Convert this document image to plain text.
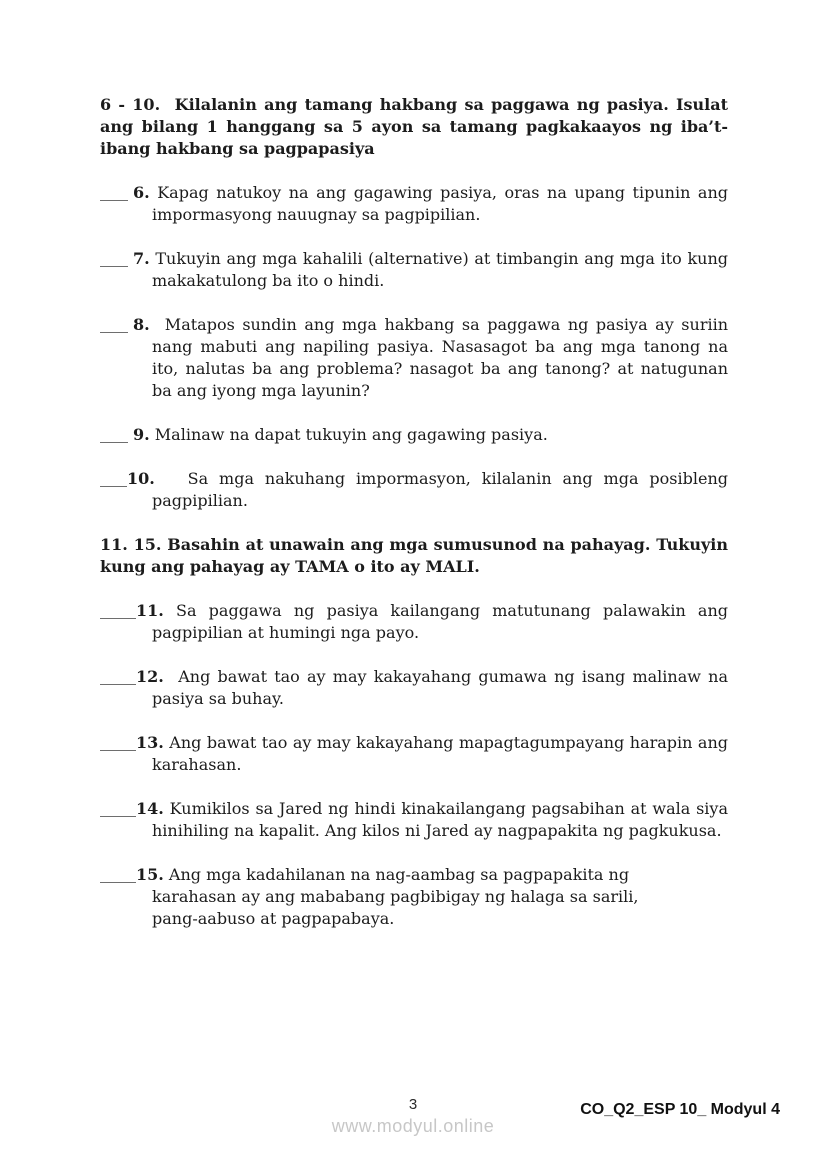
6 - 10.  Kilalanin ang tamang hakbang sa paggawa ng pasiya. Isulat ang bilang 1 hanggang sa 5 ayon sa tamang pagkakaayos ng iba’t-ibang hakbang sa pagpapasiya

6. Kapag natukoy na ang gagawing pasiya, oras na upang tipunin ang impormasyong nauugnay sa pagpipilian.
7. Tukuyin ang mga kahalili (alternative) at timbangin ang mga ito kung makakatulong ba ito o hindi.
8.  Matapos sundin ang mga hakbang sa paggawa ng pasiya ay suriin nang mabuti ang napiling pasiya. Nasasagot ba ang mga tanong na ito, nalutas ba ang problema? nasagot ba ang tanong? at natugunan ba ang iyong mga layunin?
9. Malinaw na dapat tukuyin ang gagawing pasiya.
10.   Sa mga nakuhang impormasyon, kilalanin ang mga posibleng pagpipilian.

11. 15. Basahin at unawain ang mga sumusunod na pahayag. Tukuyin kung ang pahayag ay TAMA o ito ay MALI.

11. Sa paggawa ng pasiya kailangang matutunang palawakin ang pagpipilian at humingi nga payo.
12.  Ang bawat tao ay may kakayahang gumawa ng isang malinaw na pasiya sa buhay.
13. Ang bawat tao ay may kakayahang mapagtagumpayang harapin ang karahasan.
14. Kumikilos sa Jared ng hindi kinakailangang pagsabihan at wala siya hinihiling na kapalit. Ang kilos ni Jared ay nagpapakita ng pagkukusa.
15. Ang mga kadahilanan na nag-aambag sa pagpapakita ng
karahasan ay ang mababang pagbibigay ng halaga sa sarili,
pang-aabuso at pagpapabaya.
3
www.modyul.online
CO_Q2_ESP 10_ Modyul 4
